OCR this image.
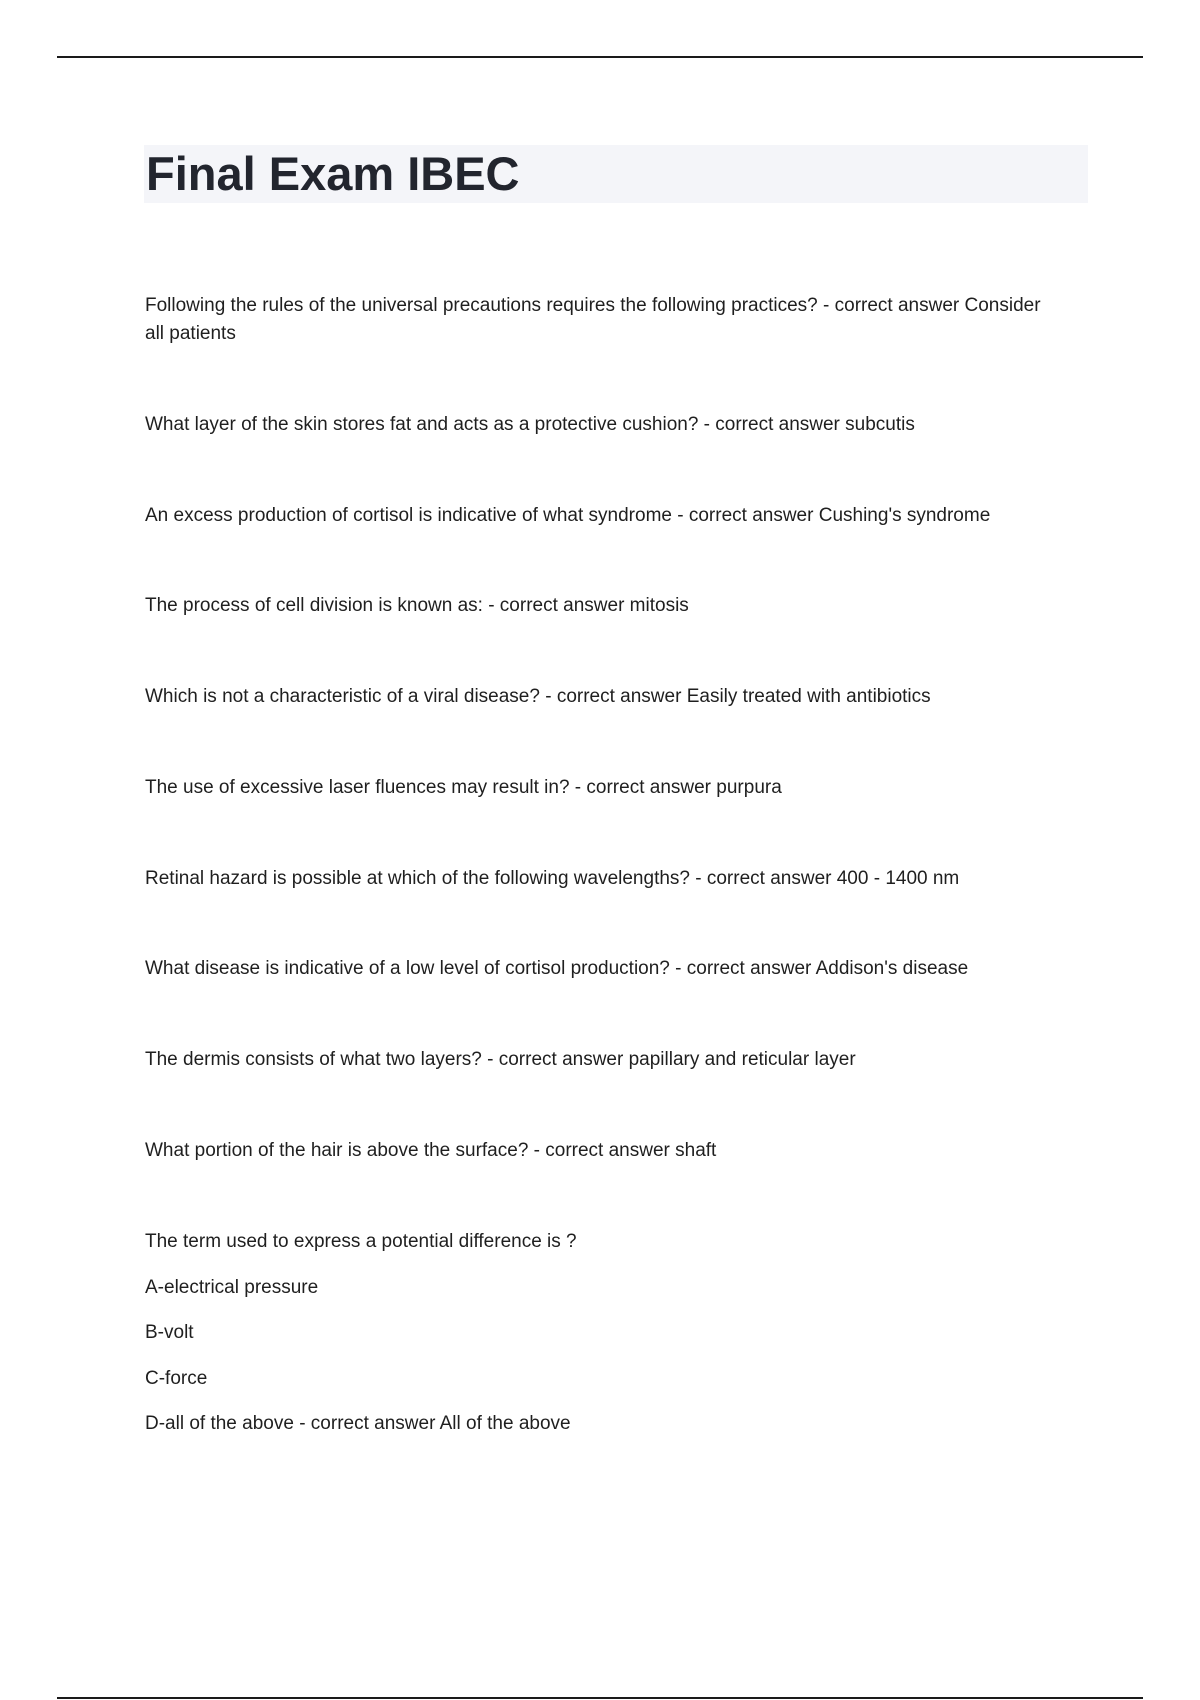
Final Exam IBEC

Following the rules of the universal precautions requires the following practices? - correct answer Consider all patients

What layer of the skin stores fat and acts as a protective cushion? - correct answer subcutis

An excess production of cortisol is indicative of what syndrome - correct answer Cushing's syndrome

The process of cell division is known as: - correct answer mitosis

Which is not a characteristic of a viral disease? - correct answer Easily treated with antibiotics

The use of excessive laser fluences may result in? - correct answer purpura

Retinal hazard is possible at which of the following wavelengths? - correct answer 400 - 1400 nm

What disease is indicative of a low level of cortisol production? - correct answer Addison's disease

The dermis consists of what two layers? - correct answer papillary and reticular layer

What portion of the hair is above the surface? - correct answer shaft

The term used to express a potential difference is ?

A-electrical pressure

B-volt

C-force

D-all of the above - correct answer All of the above
